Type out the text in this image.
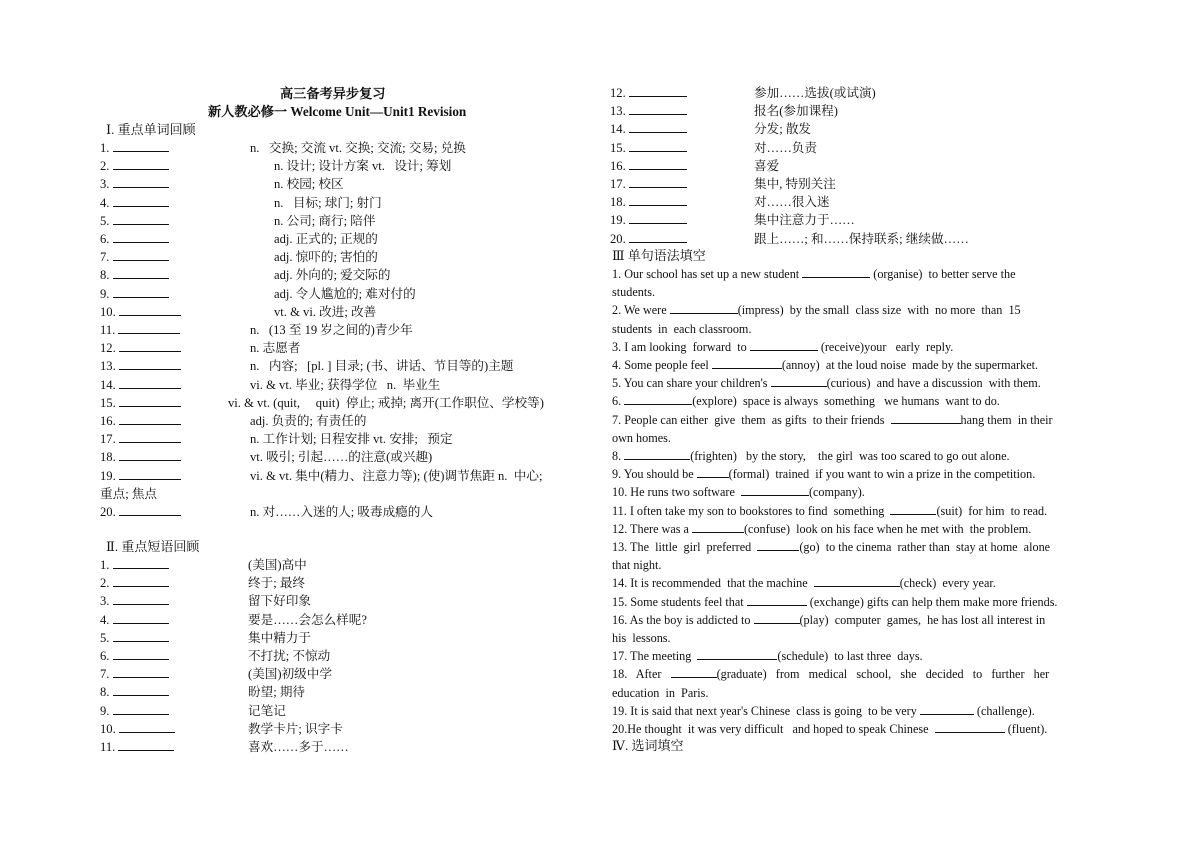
高三备考异步复习
新人教必修一 Welcome Unit—Unit1 Revision
Ⅰ. 重点单词回顾
1.	n.   交换; 交流 vt. 交换; 交流; 交易; 兑换
2.	n. 设计; 设计方案 vt.   设计; 筹划
3.	n. 校园; 校区
4.	n.   目标; 球门; 射门
5.	n. 公司; 商行; 陪伴
6.	adj. 正式的; 正规的
7.	adj. 惊吓的; 害怕的
8.	adj. 外向的; 爱交际的
9.	adj. 令人尴尬的; 难对付的
10.	vt. & vi. 改进; 改善
11.	n.   (13 至 19 岁之间的)青少年
12.	n. 志愿者
13.	n.   内容;   [pl. ] 目录; (书、讲话、节目等的)主题
14.	vi. & vt. 毕业; 获得学位   n.  毕业生
15.	vi. & vt. (quit,     quit)  停止; 戒掉; 离开(工作职位、学校等)
16.	adj. 负责的; 有责任的
17.	n. 工作计划; 日程安排 vt. 安排;   预定
18.	vt. 吸引; 引起……的注意(或兴趣)
19.	vi. & vt. 集中(精力、注意力等); (使)调节焦距 n.  中心;
重点; 焦点
20.	n. 对……入迷的人; 吸毒成瘾的人
Ⅱ. 重点短语回顾
1.	(美国)高中
2.	终于; 最终
3.	留下好印象
4.	要是……会怎么样呢?
5.	集中精力于
6.	不打扰; 不惊动
7.	(美国)初级中学
8.	盼望; 期待
9.	记笔记
10.	教学卡片; 识字卡
11.	喜欢……多于……
12.	参加……选拔(或试演)
13.	报名(参加课程)
14.	分发; 散发
15.	对……负责
16.	喜爱
17.	集中, 特别关注
18.	对……很入迷
19.	集中注意力于……
20.	跟上……; 和……保持联系; 继续做……
Ⅲ 单句语法填空
1. Our school has set up a new student	(organise)  to better serve the
students.
2. We were	(impress)  by the small  class size  with  no more  than  15
students  in  each classroom.
3. I am looking  forward  to	(receive)your   early  reply.
4. Some people feel	(annoy)  at the loud noise  made by the supermarket.
5. You can share your children's	(curious)  and have a discussion  with them.
6.	(explore)  space is always  something   we humans  want to do.
7. People can either  give  them  as gifts  to their friends	hang them  in their
own homes.
8.	(frighten)   by the story,    the girl  was too scared to go out alone.
9. You should be	(formal)  trained  if you want to win a prize in the competition.
10. He runs two software	(company).
11. I often take my son to bookstores to find  something	(suit)  for him  to read.
12. There was a	(confuse)  look on his face when he met with  the problem.
13. The  little  girl  preferred	(go)  to the cinema  rather than  stay at home  alone
that night.
14. It is recommended  that the machine	(check)  every year.
15. Some students feel that	(exchange) gifts can help them make more friends.
16. As the boy is addicted to	(play)  computer  games,  he has lost all interest in
his  lessons.
17. The meeting	(schedule)  to last three  days.
18.   After	(graduate)   from   medical   school,   she   decided   to   further   her
education  in  Paris.
19. It is said that next year's Chinese  class is going  to be very	(challenge).
20.He thought  it was very difficult   and hoped to speak Chinese	(fluent).
Ⅳ. 选词填空
